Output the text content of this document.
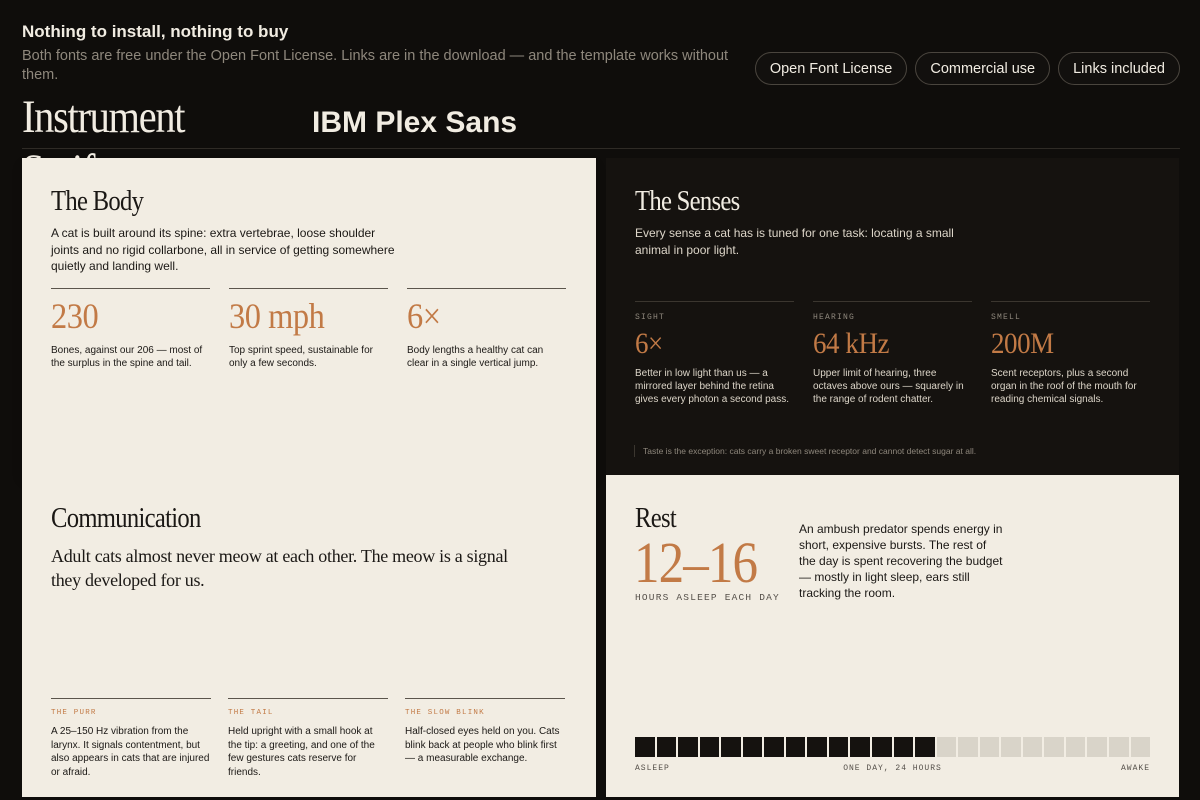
Nothing to install, nothing to buy
Both fonts are free under the Open Font License. Links are in the download — and the template works without them.	Open Font License	Commercial use	Links included
Instrument	IBM Plex Sans
The Body
A cat is built around its spine: extra vertebrae, loose shoulder joints and no rigid collarbone, all in service of getting somewhere quietly and landing well.
230
Bones, against our 206 — most of the surplus in the spine and tail.
30 mph
Top sprint speed, sustainable for only a few seconds.
6×
Body lengths a healthy cat can clear in a single vertical jump.
The Senses
Every sense a cat has is tuned for one task: locating a small animal in poor light.
SIGHT
6×
Better in low light than us — a mirrored layer behind the retina gives every photon a second pass.
HEARING
64 kHz
Upper limit of hearing, three octaves above ours — squarely in the range of rodent chatter.
SMELL
200M
Scent receptors, plus a second organ in the roof of the mouth for reading chemical signals.
Taste is the exception: cats carry a broken sweet receptor and cannot detect sugar at all.
Communication
Adult cats almost never meow at each other. The meow is a signal they developed for us.
THE PURR
A 25–150 Hz vibration from the larynx. It signals contentment, but also appears in cats that are injured or afraid.
THE TAIL
Held upright with a small hook at the tip: a greeting, and one of the few gestures cats reserve for friends.
THE SLOW BLINK
Half-closed eyes held on you. Cats blink back at people who blink first — a measurable exchange.
Rest
12–16
HOURS ASLEEP EACH DAY
An ambush predator spends energy in short, expensive bursts. The rest of the day is spent recovering the budget — mostly in light sleep, ears still tracking the room.
ASLEEP	ONE DAY, 24 HOURS	AWAKE
